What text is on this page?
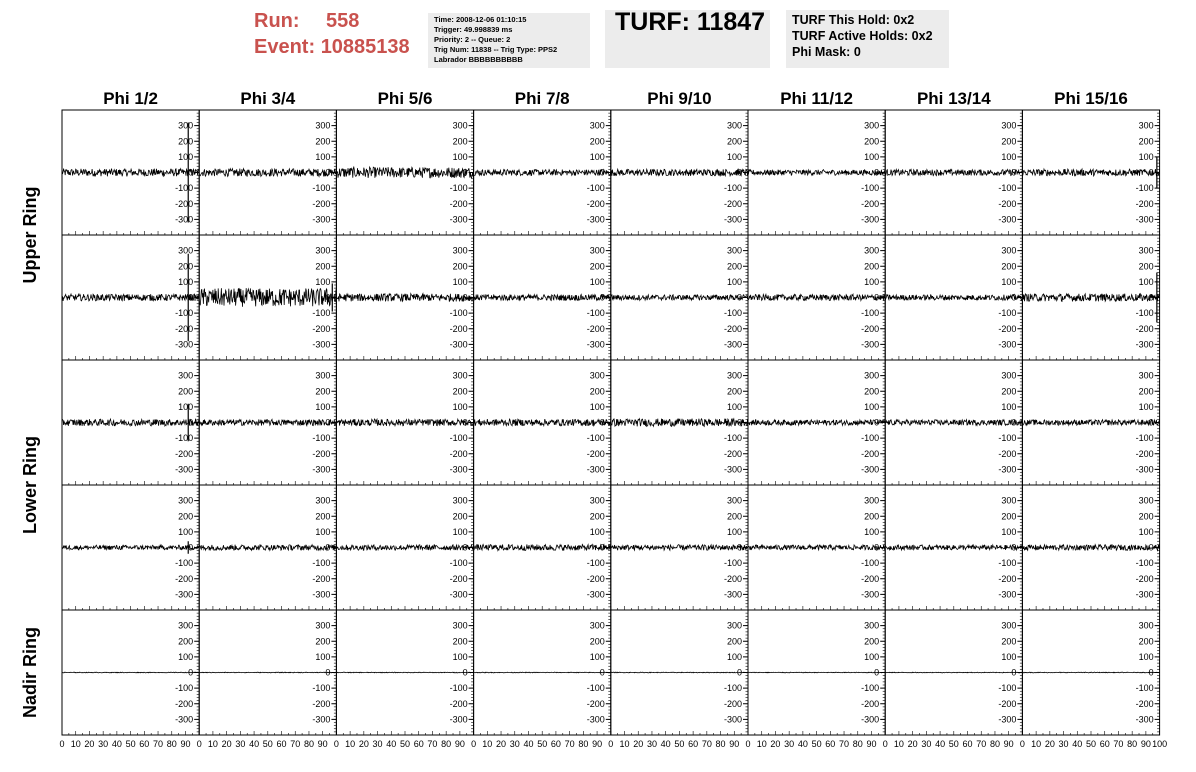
Run: 558
Event: 10885138
Time: 2008-12-06 01:10:15
Trigger: 49.998839 ms
Priority: 2 -- Queue: 2
Trig Num: 11838 -- Trig Type: PPS2
Labrador BBBBBBBBBB
TURF: 11847	TURF This Hold: 0x2
TURF Active Holds: 0x2
Phi Mask: 0
Phi 1/2	Phi 3/4	Phi 5/6	Phi 7/8	Phi 9/10	Phi 11/12	Phi 13/14	Phi 15/16
Upper Ring
Lower Ring
Nadir Ring
300
200
100
0
-100
-200
-300
300
200
100
0
-100
-200
-300
300
200
100
0
-100
-200
-300
300
200
100
0
-100
-200
-300
300
200
100
0
-100
-200
-300
300
200
100
0
-100
-200
-300
300
200
100
0
-100
-200
-300
300
200
100
0
-100
-200
-300
300
200
100
0
-100
-200
-300
300
200
100
0
-100
-200
-300
300
200
100
0
-100
-200
-300
300
200
100
0
-100
-200
-300
300
200
100
0
-100
-200
-300
300
200
100
0
-100
-200
-300
300
200
100
0
-100
-200
-300
300
200
100
0
-100
-200
-300
300
200
100
0
-100
-200
-300
300
200
100
0
-100
-200
-300
300
200
100
0
-100
-200
-300
300
200
100
0
-100
-200
-300
300
200
100
0
-100
-200
-300
300
200
100
0
-100
-200
-300
300
200
100
0
-100
-200
-300
300
200
100
0
-100
-200
-300
300
200
100
0
-100
-200
-300
300
200
100
0
-100
-200
-300
300
200
100
0
-100
-200
-300
300
200
100
0
-100
-200
-300
300
200
100
0
-100
-200
-300
300
200
100
0
-100
-200
-300
300
200
100
0
-100
-200
-300
300
200
100
0
-100
-200
-300
300
200
100
0
-100
-200
-300
300
200
100
0
-100
-200
-300
300
200
100
0
-100
-200
-300
300
200
100
0
-100
-200
-300
300
200
100
0
-100
-200
-300
300
200
100
0
-100
-200
-300
300
200
100
0
-100
-200
-300
300
200
100
0
-100
-200
-300
0 10 20 30 40 50 60 70 80 90 0 10 20 30 40 50 60 70 80 90 0 10 20 30 40 50 60 70 80 90 0 10 20 30 40 50 60 70 80 90 0 10 20 30 40 50 60 70 80 90 0 10 20 30 40 50 60 70 80 90 0 10 20 30 40 50 60 70 80 90 0 10 20 30 40 50 60 70 80 90 100
